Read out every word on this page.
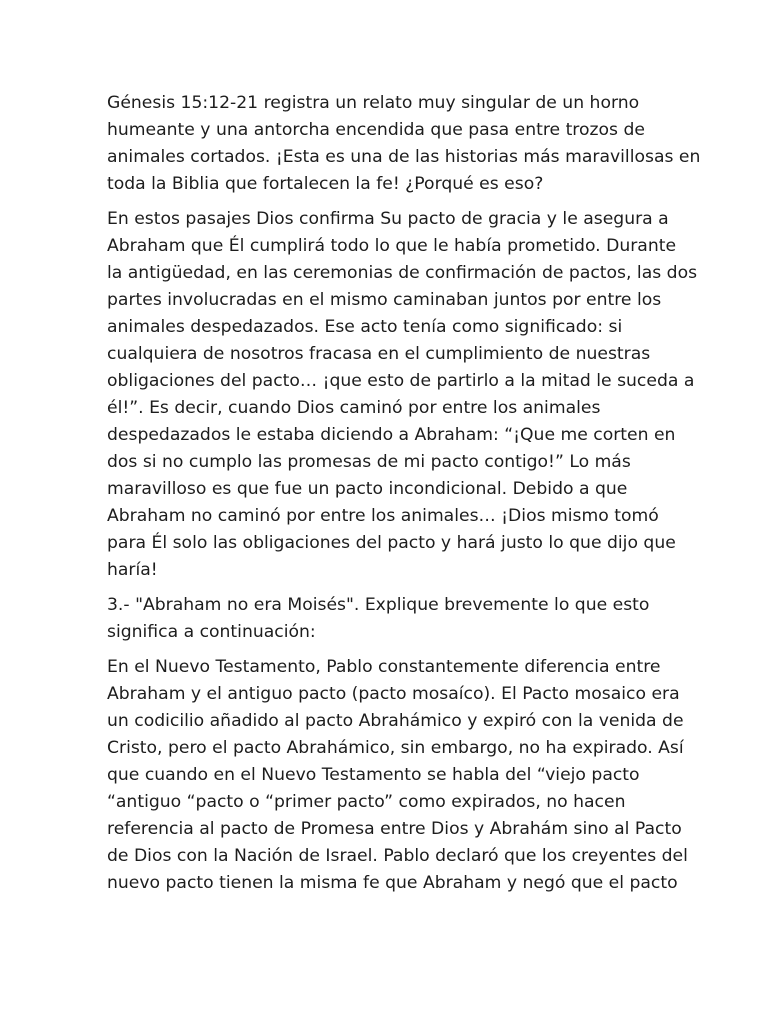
Génesis 15:12-21 registra un relato muy singular de un horno
humeante y una antorcha encendida que pasa entre trozos de
animales cortados. ¡Esta es una de las historias más maravillosas en
toda la Biblia que fortalecen la fe! ¿Porqué es eso?

En estos pasajes Dios confirma Su pacto de gracia y le asegura a
Abraham que Él cumplirá todo lo que le había prometido. Durante
la antigüedad, en las ceremonias de confirmación de pactos, las dos
partes involucradas en el mismo caminaban juntos por entre los
animales despedazados. Ese acto tenía como significado: si
cualquiera de nosotros fracasa en el cumplimiento de nuestras
obligaciones del pacto… ¡que esto de partirlo a la mitad le suceda a
él!”. Es decir, cuando Dios caminó por entre los animales
despedazados le estaba diciendo a Abraham: “¡Que me corten en
dos si no cumplo las promesas de mi pacto contigo!” Lo más
maravilloso es que fue un pacto incondicional. Debido a que
Abraham no caminó por entre los animales… ¡Dios mismo tomó
para Él solo las obligaciones del pacto y hará justo lo que dijo que
haría!

3.- "Abraham no era Moisés". Explique brevemente lo que esto
significa a continuación:

En el Nuevo Testamento, Pablo constantemente diferencia entre
Abraham y el antiguo pacto (pacto mosaíco). El Pacto mosaico era
un codicilio añadido al pacto Abrahámico y expiró con la venida de
Cristo, pero el pacto Abrahámico, sin embargo, no ha expirado. Así
que cuando en el Nuevo Testamento se habla del “viejo pacto
“antiguo “pacto o “primer pacto” como expirados, no hacen
referencia al pacto de Promesa entre Dios y Abrahám sino al Pacto
de Dios con la Nación de Israel. Pablo declaró que los creyentes del
nuevo pacto tienen la misma fe que Abraham y negó que el pacto
